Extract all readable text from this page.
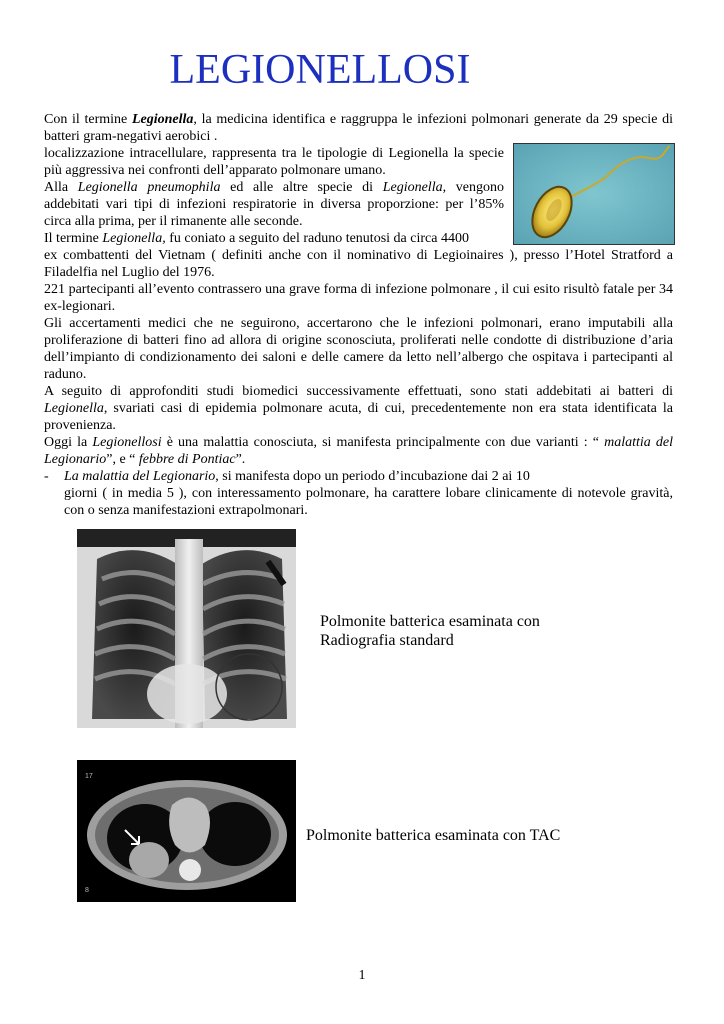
LEGIONELLOSI
Con il termine Legionella, la medicina identifica e raggruppa le infezioni polmonari generate da 29 specie di batteri gram-negativi aerobici .
localizzazione intracellulare, rappresenta tra le tipologie di Legionella la specie più aggressiva nei confronti dell’apparato polmonare umano.
Alla Legionella pneumophila ed alle altre specie di Legionella, vengono addebitati vari tipi di infezioni respiratorie in diversa proporzione: per l’85% circa alla prima, per il rimanente alle seconde.
Il termine Legionella, fu coniato a seguito del raduno tenutosi da circa 4400
ex combattenti del Vietnam ( definiti anche con il nominativo di Legioinaires ), presso l’Hotel Stratford a Filadelfia nel Luglio del 1976.
221 partecipanti all’evento contrassero una grave forma di infezione polmonare , il cui esito risultò fatale per 34 ex-legionari.
Gli accertamenti medici che ne seguirono, accertarono che le infezioni polmonari, erano imputabili alla proliferazione di batteri fino ad allora di origine sconosciuta, proliferati nelle condotte di distribuzione d’aria dell’impianto di condizionamento dei saloni e delle camere da letto nell’albergo che ospitava i partecipanti al raduno.
A seguito di approfonditi studi biomedici successivamente effettuati, sono stati addebitati ai batteri di Legionella, svariati casi di epidemia polmonare acuta, di cui, precedentemente non era stata identificata la provenienza.
Oggi la Legionellosi è una malattia conosciuta, si manifesta principalmente con due varianti : “ malattia del Legionario”, e “ febbre di Pontiac”.
- La malattia del Legionario, si manifesta dopo un periodo d’incubazione dai 2 ai 10
giorni ( in media 5 ), con interessamento polmonare, ha carattere lobare clinicamente di notevole gravità, con o senza manifestazioni extrapolmonari.
Polmonite batterica esaminata con
Radiografia standard
17
8
Polmonite batterica esaminata con TAC
1
